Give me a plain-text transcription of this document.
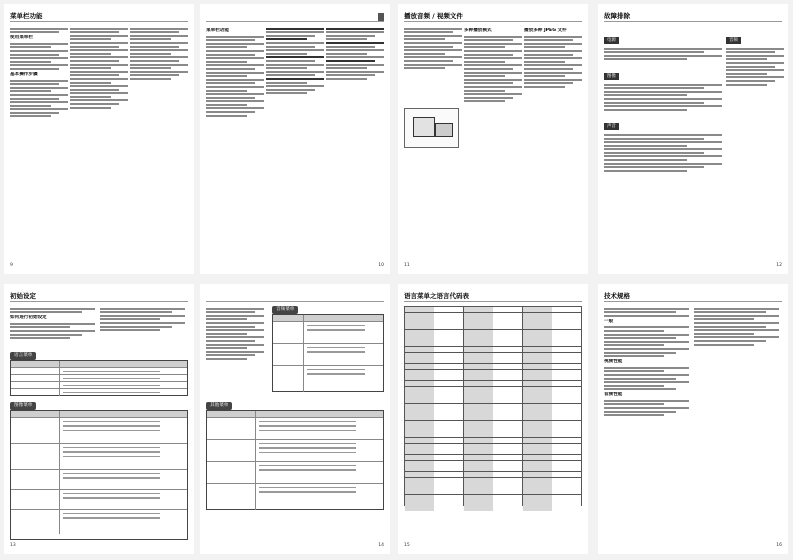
菜单栏功能
使用菜单栏
基本操作步骤
9
菜单栏功能
10
播放音频 / 视频文件
多种播放模式	播放多种 JPEG 文件
11
故障排除
电源
图像
声音
音频
12
初始设定
如何进行初始设定
语言菜单
图像菜单
13
音频菜单
其他菜单
14
语言菜单之语言代码表
15
技术规格
一般
视频性能
音频性能
16
